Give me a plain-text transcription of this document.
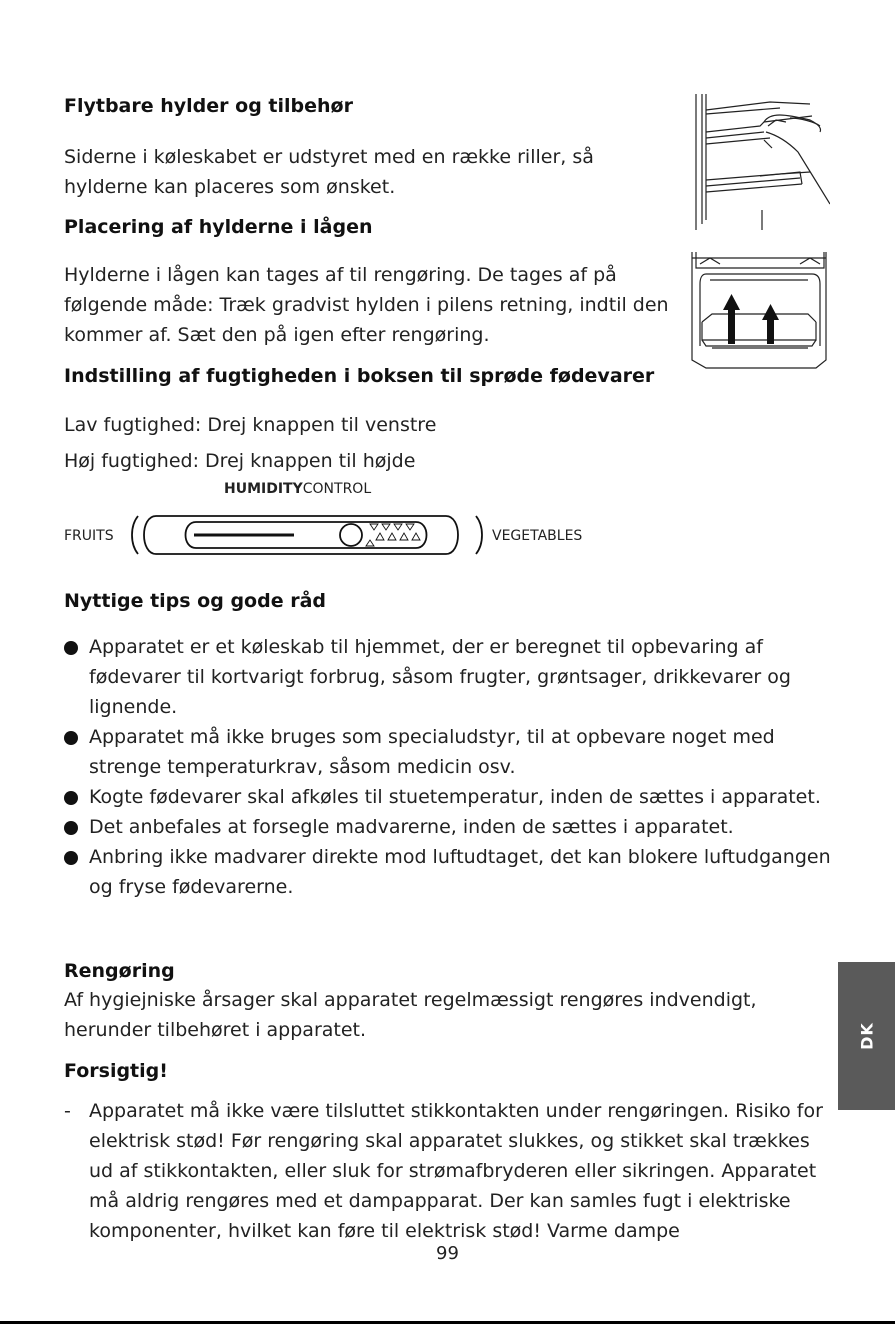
Flytbare hylder og tilbehør

Siderne i køleskabet er udstyret med en række riller, så

hylderne kan placeres som ønsket.

Placering af hylderne i lågen

Hylderne i lågen kan tages af til rengøring. De tages af på

følgende måde: Træk gradvist hylden i pilens retning, indtil den

kommer af. Sæt den på igen efter rengøring.

Indstilling af fugtigheden i boksen til sprøde fødevarer

Lav fugtighed: Drej knappen til venstre

Høj fugtighed: Drej knappen til højde

HUMIDITYCONTROL
FRUITS	VEGETABLES
Nyttige tips og gode råd
Apparatet er et køleskab til hjemmet, der er beregnet til opbevaring af fødevarer til kortvarigt forbrug, såsom frugter, grøntsager, drikkevarer og lignende.
Apparatet må ikke bruges som specialudstyr, til at opbevare noget med strenge temperaturkrav, såsom medicin osv.
Kogte fødevarer skal afkøles til stuetemperatur, inden de sættes i apparatet.
Det anbefales at forsegle madvarerne, inden de sættes i apparatet.
Anbring ikke madvarer direkte mod luftudtaget, det kan blokere luftudgangen og fryse fødevarerne.
Rengøring

Af hygiejniske årsager skal apparatet regelmæssigt rengøres indvendigt,

herunder tilbehøret i apparatet.

Forsigtig!
- Apparatet må ikke være tilsluttet stikkontakten under rengøringen. Risiko for elektrisk stød! Før rengøring skal apparatet slukkes, og stikket skal trækkes ud af stikkontakten, eller sluk for strømafbryderen eller sikringen. Apparatet må aldrig rengøres med et dampapparat. Der kan samles fugt i elektriske komponenter, hvilket kan føre til elektrisk stød! Varme dampe
DK
99
